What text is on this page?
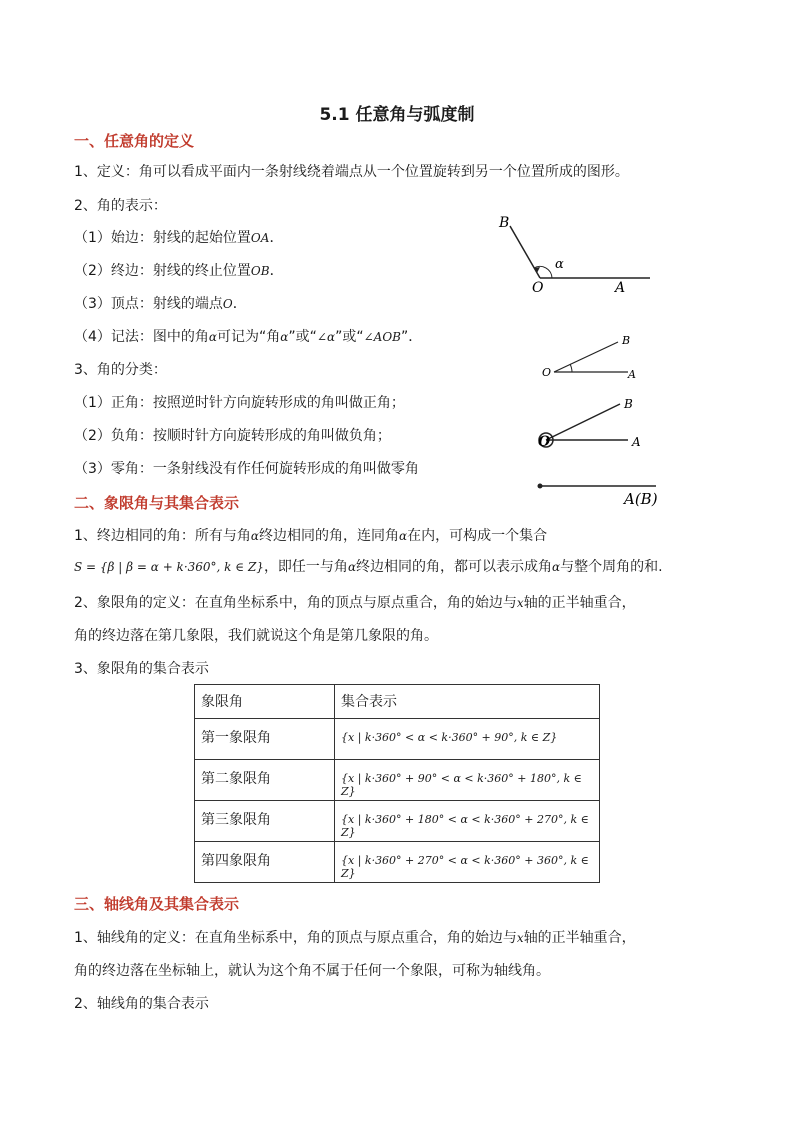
5.1 任意角与弧度制
一、任意角的定义
1、定义：角可以看成平面内一条射线绕着端点从一个位置旋转到另一个位置所成的图形。
2、角的表示：
（1）始边：射线的起始位置OA．
（2）终边：射线的终止位置OB．
（3）顶点：射线的端点O．
（4）记法：图中的角α可记为“角α”或“∠α”或“∠AOB”．
3、角的分类：
（1）正角：按照逆时针方向旋转形成的角叫做正角；
（2）负角：按顺时针方向旋转形成的角叫做负角；
（3）零角：一条射线没有作任何旋转形成的角叫做零角
B
α
O	A
B
O	A
B
O	A
A(B)
二、象限角与其集合表示
1、终边相同的角：所有与角α终边相同的角，连同角α在内，可构成一个集合
S = {β | β = α + k·360°, k ∈ Z}，即任一与角α终边相同的角，都可以表示成角α与整个周角的和.
2、象限角的定义：在直角坐标系中，角的顶点与原点重合，角的始边与x轴的正半轴重合，
角的终边落在第几象限，我们就说这个角是第几象限的角。
3、象限角的集合表示
象限角	集合表示
第一象限角	{x | k·360° < α < k·360° + 90°, k ∈ Z}
第二象限角	{x | k·360° + 90° < α < k·360° + 180°, k ∈ Z}
第三象限角	{x | k·360° + 180° < α < k·360° + 270°, k ∈ Z}
第四象限角	{x | k·360° + 270° < α < k·360° + 360°, k ∈ Z}
三、轴线角及其集合表示
1、轴线角的定义：在直角坐标系中，角的顶点与原点重合，角的始边与x轴的正半轴重合，
角的终边落在坐标轴上，就认为这个角不属于任何一个象限，可称为轴线角。
2、轴线角的集合表示
